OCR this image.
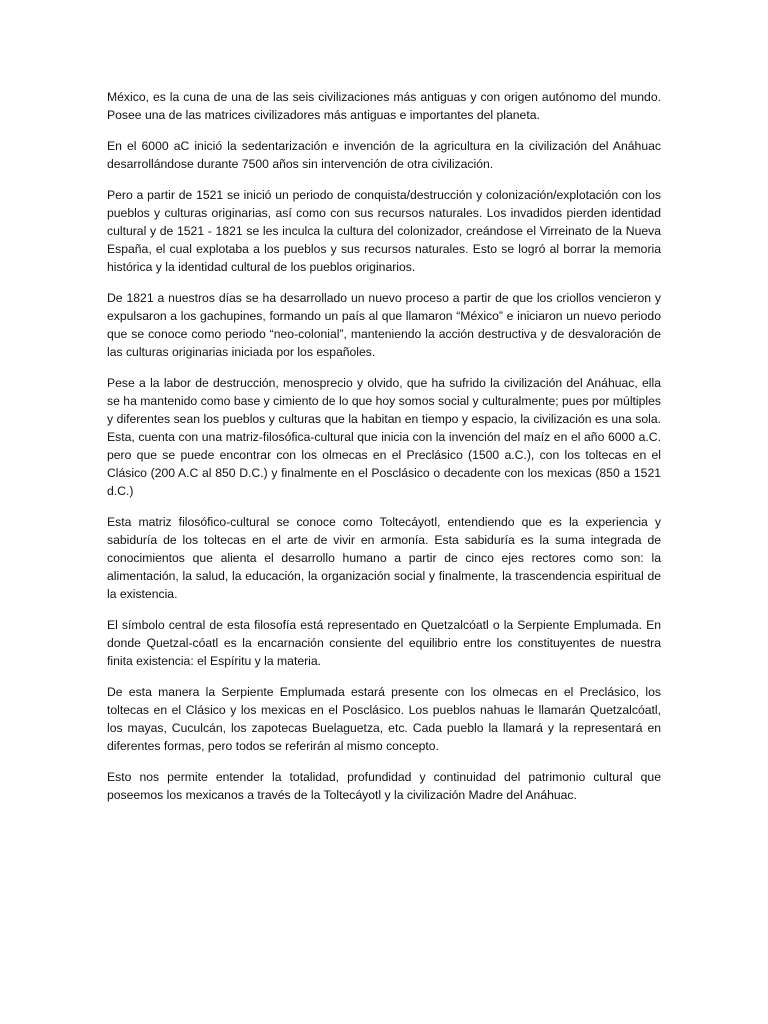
México, es la cuna de una de las seis civilizaciones más antiguas y con origen autónomo del mundo. Posee una de las matrices civilizadores más antiguas e importantes del planeta.

En el 6000 aC inició la sedentarización e invención de la agricultura en la civilización del Anáhuac desarrollándose durante 7500 años sin intervención de otra civilización.

Pero a partir de 1521 se inició un periodo de conquista/destrucción y colonización/explotación con los pueblos y culturas originarias, así como con sus recursos naturales. Los invadidos pierden identidad cultural y de 1521 - 1821 se les inculca la cultura del colonizador, creándose el Virreinato de la Nueva España, el cual explotaba a los pueblos y sus recursos naturales. Esto se logró al borrar la memoria histórica y la identidad cultural de los pueblos originarios.

De 1821 a nuestros días se ha desarrollado un nuevo proceso a partir de que los criollos vencieron y expulsaron a los gachupines, formando un país al que llamaron “México” e iniciaron un nuevo periodo que se conoce como periodo “neo-colonial”, manteniendo la acción destructiva y de desvaloración de las culturas originarias iniciada por los españoles.

Pese a la labor de destrucción, menosprecio y olvido, que ha sufrido la civilización del Anáhuac, ella se ha mantenido como base y cimiento de lo que hoy somos social y culturalmente; pues por múltiples y diferentes sean los pueblos y culturas que la habitan en tiempo y espacio, la civilización es una sola. Esta, cuenta con una matriz-filosófica-cultural que inicia con la invención del maíz en el año 6000 a.C. pero que se puede encontrar con los olmecas en el Preclásico (1500 a.C.), con los toltecas en el Clásico (200 A.C al 850 D.C.) y finalmente en el Posclásico o decadente con los mexicas (850 a 1521 d.C.)

Esta matriz filosófico-cultural se conoce como Toltecáyotl, entendiendo que es la experiencia y sabiduría de los toltecas en el arte de vivir en armonía. Esta sabiduría es la suma integrada de conocimientos que alienta el desarrollo humano a partir de cinco ejes rectores como son: la alimentación, la salud, la educación, la organización social y finalmente, la trascendencia espiritual de la existencia.

El símbolo central de esta filosofía está representado en Quetzalcóatl o la Serpiente Emplumada. En donde Quetzal-cóatl es la encarnación consiente del equilibrio entre los constituyentes de nuestra finita existencia: el Espíritu y la materia.

De esta manera la Serpiente Emplumada estará presente con los olmecas en el Preclásico, los toltecas en el Clásico y los mexicas en el Posclásico. Los pueblos nahuas le llamarán Quetzalcóatl, los mayas, Cuculcán, los zapotecas Buelaguetza, etc. Cada pueblo la llamará y la representará en diferentes formas, pero todos se referirán al mismo concepto.

Esto nos permite entender la totalidad, profundidad y continuidad del patrimonio cultural que poseemos los mexicanos a través de la Toltecáyotl y la civilización Madre del Anáhuac.
